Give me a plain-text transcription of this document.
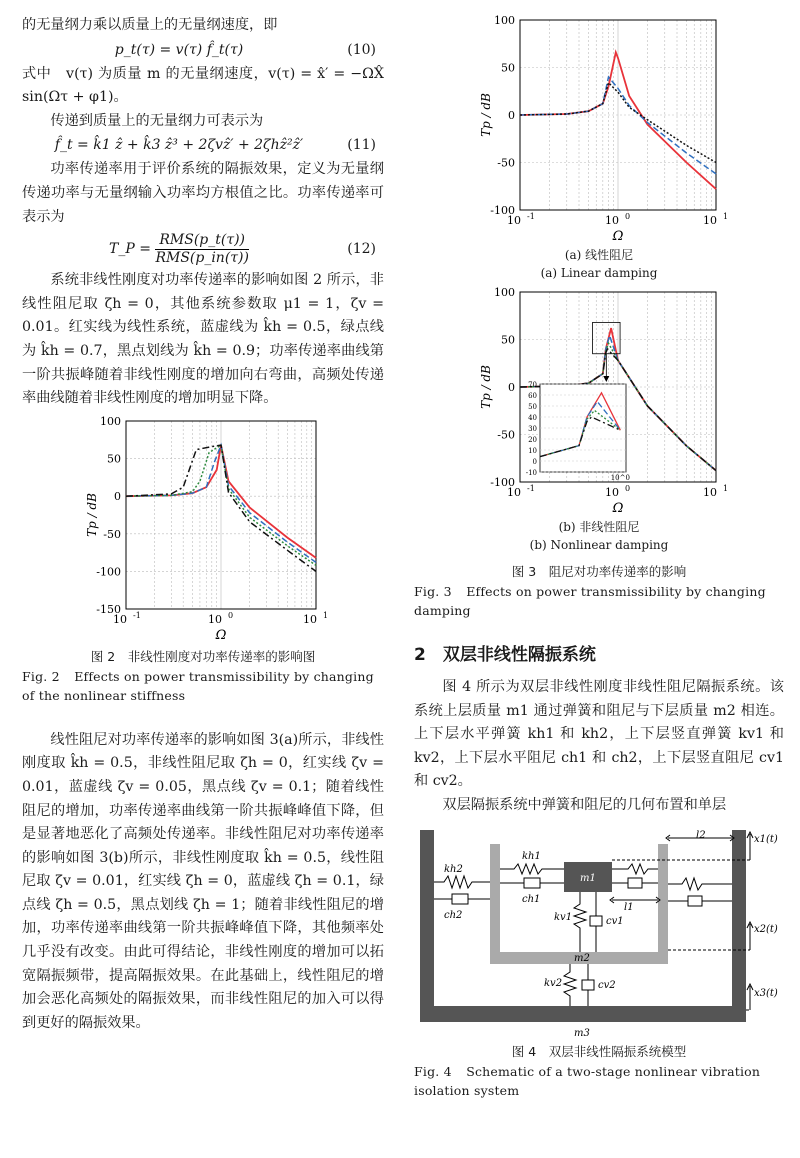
的无量纲力乘以质量上的无量纲速度，即

p_t(τ) = v(τ) f̂_t(τ)	(10)

式中　v(τ) 为质量 m 的无量纲速度，v(τ) = x̂′ = −ΩX̂ sin(Ωτ + φ1)。

传递到质量上的无量纲力可表示为

f̂_t = k̂1 ẑ + k̂3 ẑ³ + 2ζvẑ′ + 2ζhẑ²ẑ′	(11)

功率传递率用于评价系统的隔振效果，定义为无量纲传递功率与无量纲输入功率均方根值之比。功率传递率可表示为

T_P = $\frac{\text{RMS(p\_t(τ))}}{\text{RMS(p\_in(τ))}}$	(12)

系统非线性刚度对功率传递率的影响如图 2 所示，非线性阻尼取 ζh = 0，其他系统参数取 μ1 = 1，ζv = 0.01。红实线为线性系统，蓝虚线为 k̂h = 0.5，绿点线为 k̂h = 0.7，黑点划线为 k̂h = 0.9；功率传递率曲线第一阶共振峰随着非线性刚度的增加向右弯曲，高频处传递率曲线随着非线性刚度的增加明显下降。

100
50
0
-50
-100
-150
10 -1	10 0	10 1
Ω
Tp / dB
图 2　非线性刚度对功率传递率的影响图
Fig. 2 Effects on power transmissibility by changing of the nonlinear stiffness

线性阻尼对功率传递率的影响如图 3(a)所示，非线性刚度取 k̂h = 0.5，非线性阻尼取 ζh = 0，红实线 ζv = 0.01，蓝虚线 ζv = 0.05，黑点线 ζv = 0.1；随着线性阻尼的增加，功率传递率曲线第一阶共振峰峰值下降，但是显著地恶化了高频处传递率。非线性阻尼对功率传递率的影响如图 3(b)所示，非线性刚度取 k̂h = 0.5，线性阻尼取 ζv = 0.01，红实线 ζh = 0，蓝虚线 ζh = 0.1，绿点线 ζh = 0.5，黑点划线 ζh = 1；随着非线性阻尼的增加，功率传递率曲线第一阶共振峰峰值下降，其他频率处几乎没有改变。由此可得结论，非线性刚度的增加可以拓宽隔振频带，提高隔振效果。在此基础上，线性阻尼的增加会恶化高频处的隔振效果，而非线性阻尼的加入可以得到更好的隔振效果。

100
50
0
-50
-100
10 -1	10 0	10 1
Ω
Tp / dB
(a) 线性阻尼
(a) Linear damping
100
50
0
-50
-100
10 -1	10 0	10 1
Ω
Tp / dB	70
60
50
40
30
20
10
0
-10
10^0
(b) 非线性阻尼
(b) Nonlinear damping
图 3　阻尼对功率传递率的影响
Fig. 3 Effects on power transmissibility by changing damping
2　双层非线性隔振系统

图 4 所示为双层非线性刚度非线性阻尼隔振系统。该系统上层质量 m1 通过弹簧和阻尼与下层质量 m2 相连。上下层水平弹簧 kh1 和 kh2，上下层竖直弹簧 kv1 和 kv2，上下层水平阻尼 ch1 和 ch2，上下层竖直阻尼 cv1 和 cv2。

双层隔振系统中弹簧和阻尼的几何布置和单层

kh2
ch2
kh1
ch1
m1
kv1	cv1
l1
l2
m2
kv2	cv2
m3
x1(t)
x2(t)
x3(t)
图 4　双层非线性隔振系统模型
Fig. 4 Schematic of a two-stage nonlinear vibration isolation system
